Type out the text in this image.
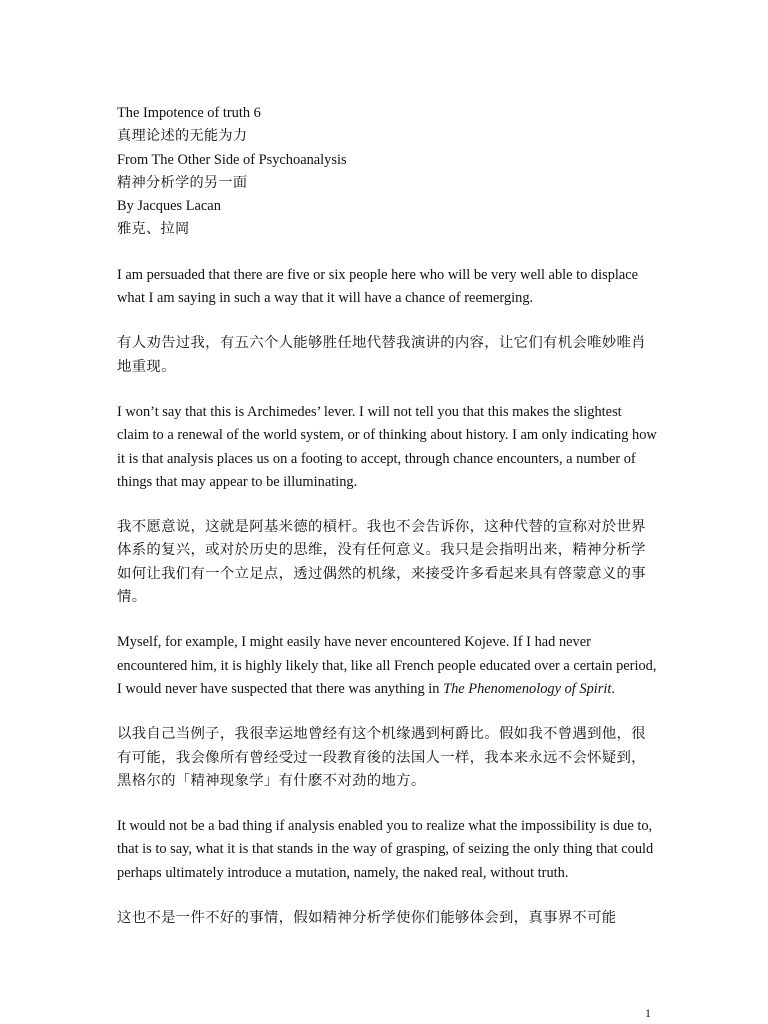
The Impotence of truth 6
真理论述的无能为力
From The Other Side of Psychoanalysis
精神分析学的另一面
By Jacques Lacan
雅克、拉岡

I am persuaded that there are five or six people here who will be very well able to displace what I am saying in such a way that it will have a chance of reemerging.

有人劝告过我，有五六个人能够胜任地代替我演讲的内容，让它们有机会唯妙唯肖地重现。

I won’t say that this is Archimedes’ lever. I will not tell you that this makes the slightest claim to a renewal of the world system, or of thinking about history. I am only indicating how it is that analysis places us on a footing to accept, through chance encounters, a number of things that may appear to be illuminating.

我不愿意说，这就是阿基米德的槓杆。我也不会告诉你，这种代替的宣称对於世界体系的复兴，或对於历史的思维，没有任何意义。我只是会指明出来，精神分析学如何让我们有一个立足点，透过偶然的机缘，来接受许多看起来具有啓蒙意义的事情。

Myself, for example, I might easily have never encountered Kojeve. If I had never encountered him, it is highly likely that, like all French people educated over a certain period, I would never have suspected that there was anything in The Phenomenology of Spirit.

以我自己当例子，我很幸运地曾经有这个机缘遇到柯爵比。假如我不曾遇到他，很有可能，我会像所有曾经受过一段教育後的法国人一样，我本来永远不会怀疑到，黑格尔的「精神现象学」有什麽不对劲的地方。

It would not be a bad thing if analysis enabled you to realize what the impossibility is due to, that is to say, what it is that stands in the way of grasping, of seizing the only thing that could perhaps ultimately introduce a mutation, namely, the naked real, without truth.

这也不是一件不好的事情，假如精神分析学使你们能够体会到，真事界不可能

1
